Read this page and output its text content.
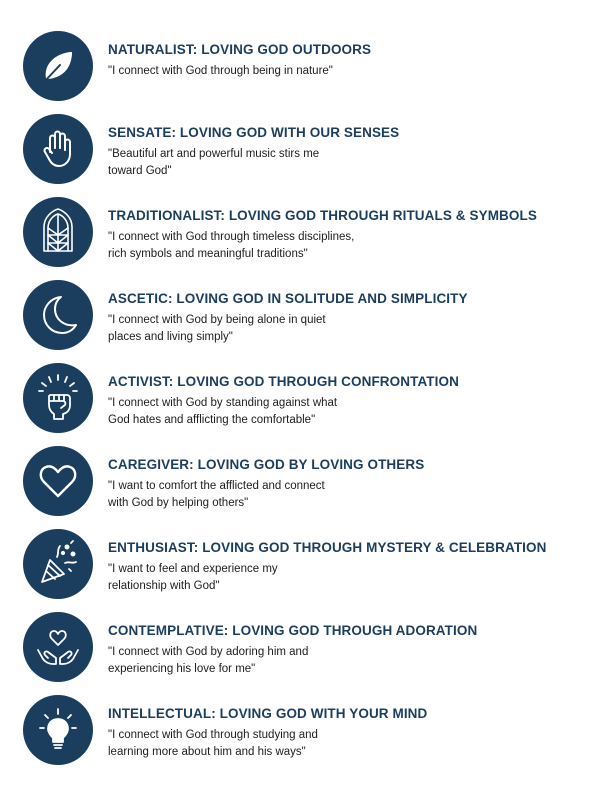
NATURALIST: LOVING GOD OUTDOORS
"I connect with God through being in nature"
SENSATE: LOVING GOD WITH OUR SENSES
"Beautiful art and powerful music stirs me
toward God"
TRADITIONALIST: LOVING GOD THROUGH RITUALS & SYMBOLS
"I connect with God through timeless disciplines,
rich symbols and meaningful traditions"
ASCETIC: LOVING GOD IN SOLITUDE AND SIMPLICITY
"I connect with God by being alone in quiet
places and living simply"
ACTIVIST: LOVING GOD THROUGH CONFRONTATION
"I connect with God by standing against what
God hates and afflicting the comfortable"
CAREGIVER: LOVING GOD BY LOVING OTHERS
"I want to comfort the afflicted and connect
with God by helping others"
ENTHUSIAST: LOVING GOD THROUGH MYSTERY & CELEBRATION
"I want to feel and experience my
relationship with God"
CONTEMPLATIVE: LOVING GOD THROUGH ADORATION
"I connect with God by adoring him and
experiencing his love for me"
INTELLECTUAL: LOVING GOD WITH YOUR MIND
"I connect with God through studying and
learning more about him and his ways"
